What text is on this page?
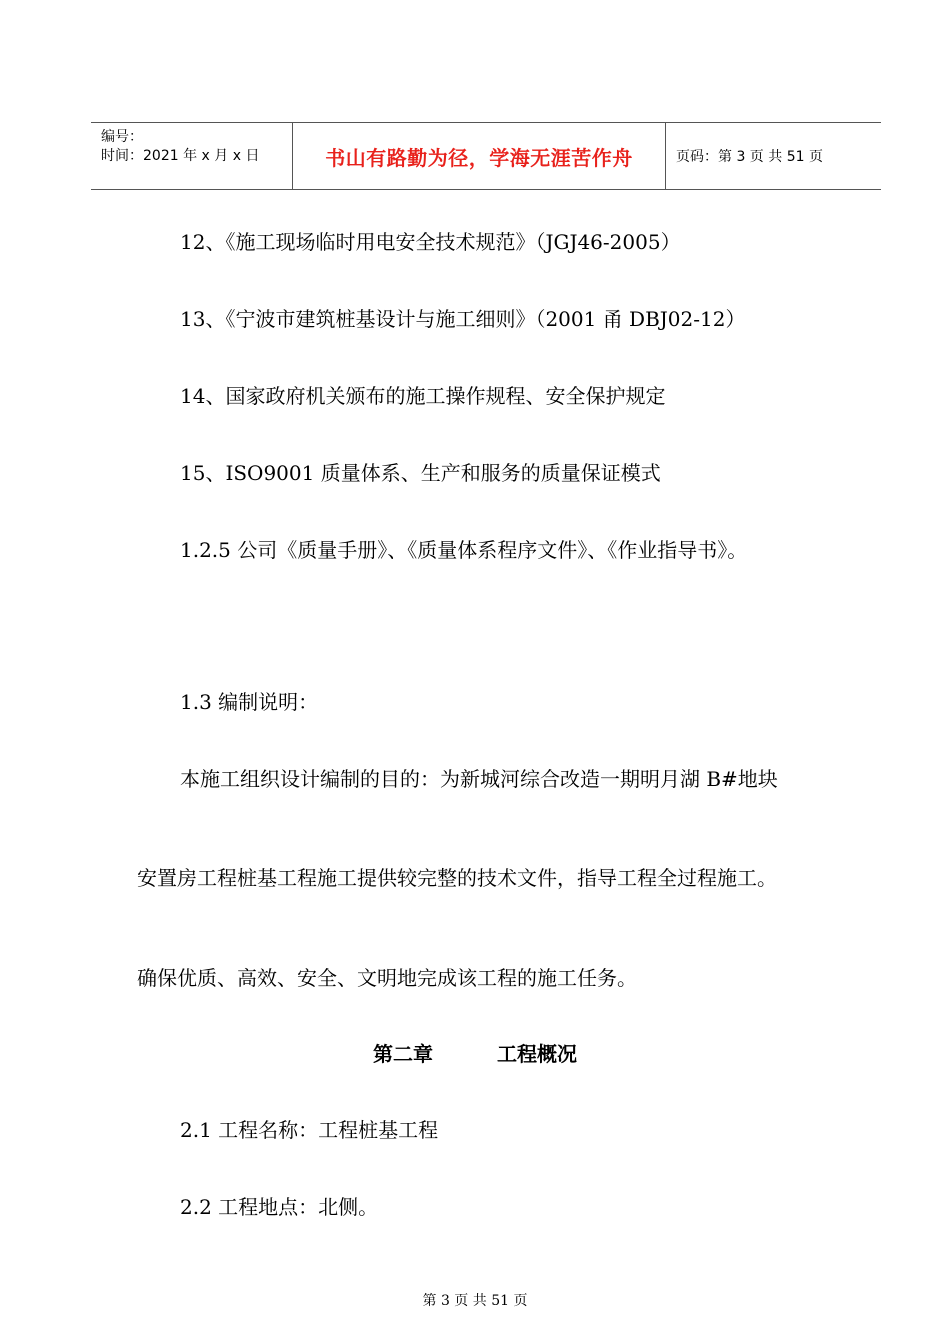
编号：
时间：2021 年 x 月 x 日	书山有路勤为径，学海无涯苦作舟	页码：第 3 页 共 51 页
12、《施工现场临时用电安全技术规范》（JGJ46-2005）
13、《宁波市建筑桩基设计与施工细则》（2001 甬 DBJ02-12）
14、国家政府机关颁布的施工操作规程、安全保护规定
15、ISO9001 质量体系、生产和服务的质量保证模式
1.2.5 公司《质量手册》、《质量体系程序文件》、《作业指导书》。
1.3 编制说明：
本施工组织设计编制的目的：为新城河综合改造一期明月湖 B#地块
安置房工程桩基工程施工提供较完整的技术文件，指导工程全过程施工。
确保优质、高效、安全、文明地完成该工程的施工任务。
第二章	工程概况
2.1 工程名称：工程桩基工程
2.2 工程地点：北侧。
第 3 页 共 51 页
